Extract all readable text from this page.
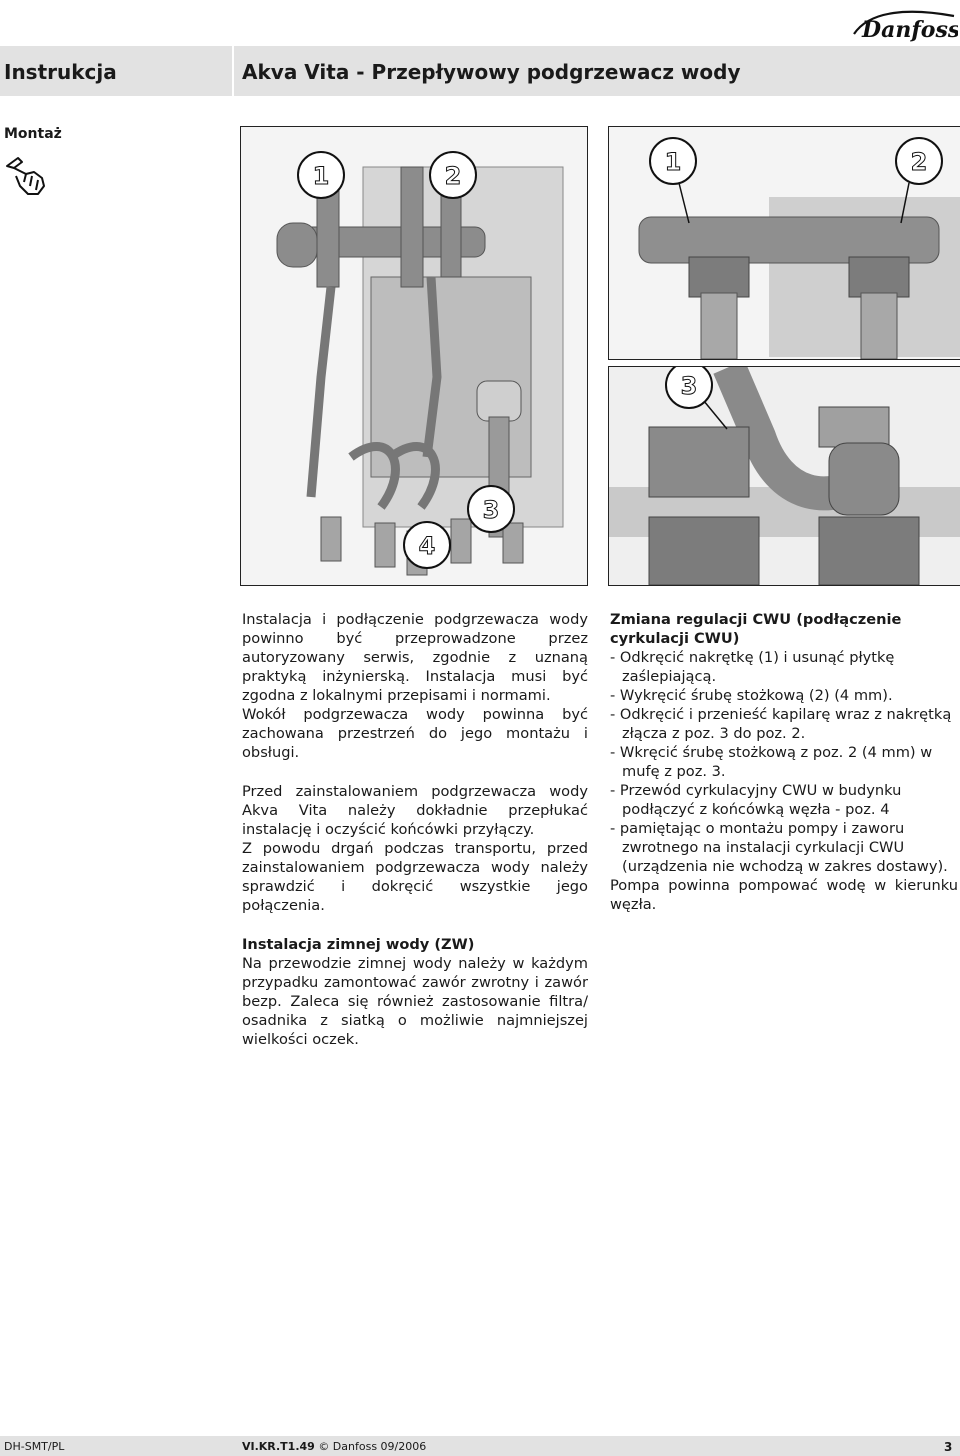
Danfoss
Instrukcja	Akva Vita - Przepływowy podgrzewacz wody
Montaż
1	2
3
4
1	2
3

Instalacja i podłączenie podgrzewacza wody powinno być przeprowadzone przez autoryzowany serwis, zgodnie z uznaną praktyką inżynierską. Instalacja musi być zgodna z lokalnymi przepisami i normami.

Wokół podgrzewacza wody powinna być zachowana przestrzeń do jego montażu i obsługi.

Przed zainstalowaniem podgrzewacza wody Akva Vita należy dokładnie przepłukać instalację i oczyścić końcówki przyłączy.

Z powodu drgań podczas transportu, przed zainstalowaniem podgrzewacza wody należy sprawdzić i dokręcić wszystkie jego połączenia.

Instalacja zimnej wody (ZW)

Na przewodzie zimnej wody należy w każdym przypadku zamontować zawór zwrotny i zawór bezp. Zaleca się również zastosowanie filtra/ osadnika z siatką o możliwie najmniejszej wielkości oczek.

Zmiana regulacji CWU (podłączenie cyrkulacji CWU)

- Odkręcić nakrętkę (1) i usunąć płytkę zaślepiającą.

- Wykręcić śrubę stożkową (2) (4 mm).

- Odkręcić i przenieść kapilarę wraz z nakrętką złącza z poz. 3 do poz. 2.

- Wkręcić śrubę stożkową z poz. 2 (4 mm) w mufę z poz. 3.

- Przewód cyrkulacyjny CWU w budynku podłączyć z końcówką węzła - poz. 4

- pamiętając o montażu pompy i zaworu zwrotnego na instalacji cyrkulacji CWU (urządzenia nie wchodzą w zakres dostawy).

Pompa powinna pompować wodę w kierunku węzła.

DH-SMT/PL	VI.KR.T1.49 © Danfoss 09/2006	3
